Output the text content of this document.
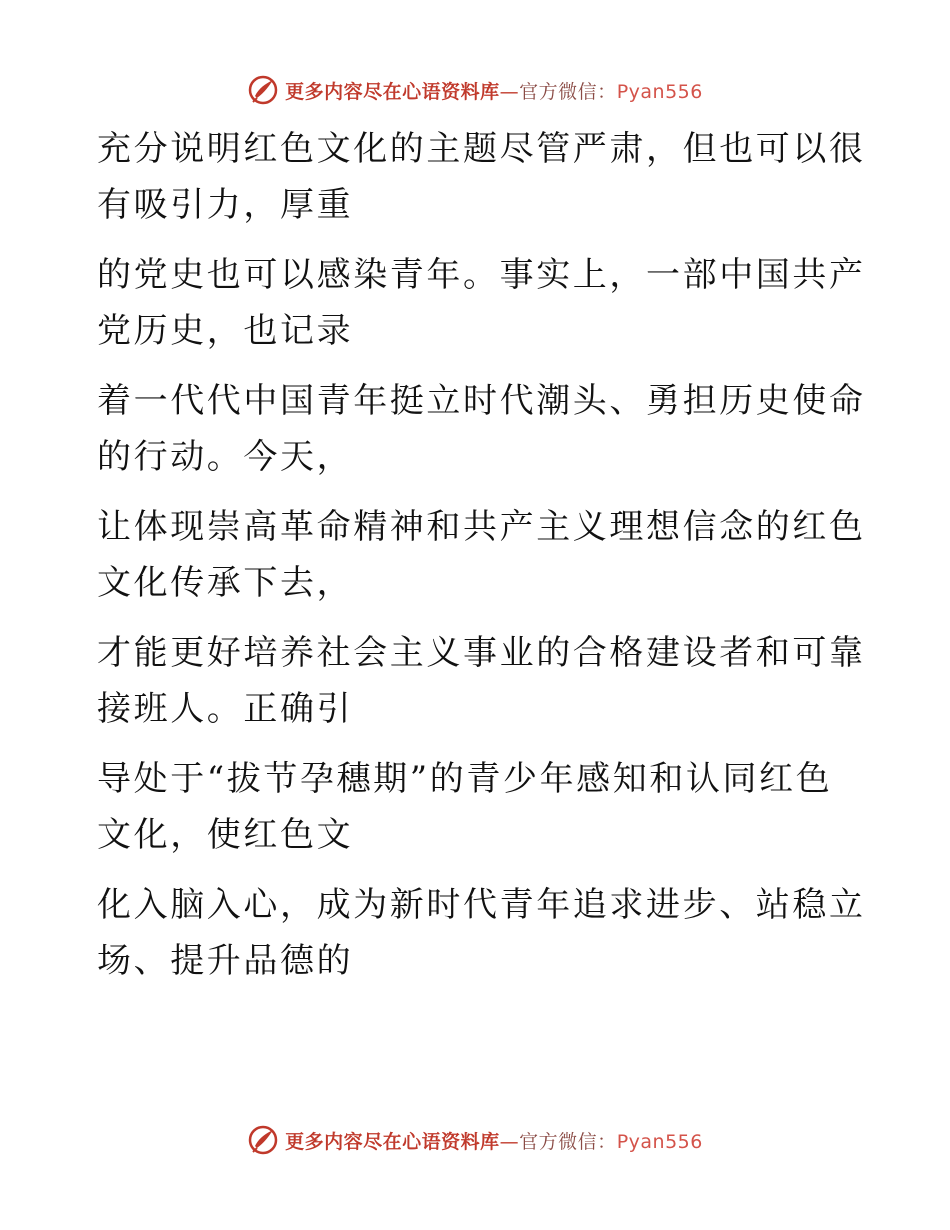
更多内容尽在心语资料库—官方微信：Pyan556
充分说明红色文化的主题尽管严肃，但也可以很
有吸引力，厚重
的党史也可以感染青年。事实上，一部中国共产
党历史，也记录
着一代代中国青年挺立时代潮头、勇担历史使命
的行动。今天，
让体现崇高革命精神和共产主义理想信念的红色
文化传承下去，
才能更好培养社会主义事业的合格建设者和可靠
接班人。正确引
导处于“拔节孕穗期”的青少年感知和认同红色
文化，使红色文
化入脑入心，成为新时代青年追求进步、站稳立
场、提升品德的
更多内容尽在心语资料库—官方微信：Pyan556
